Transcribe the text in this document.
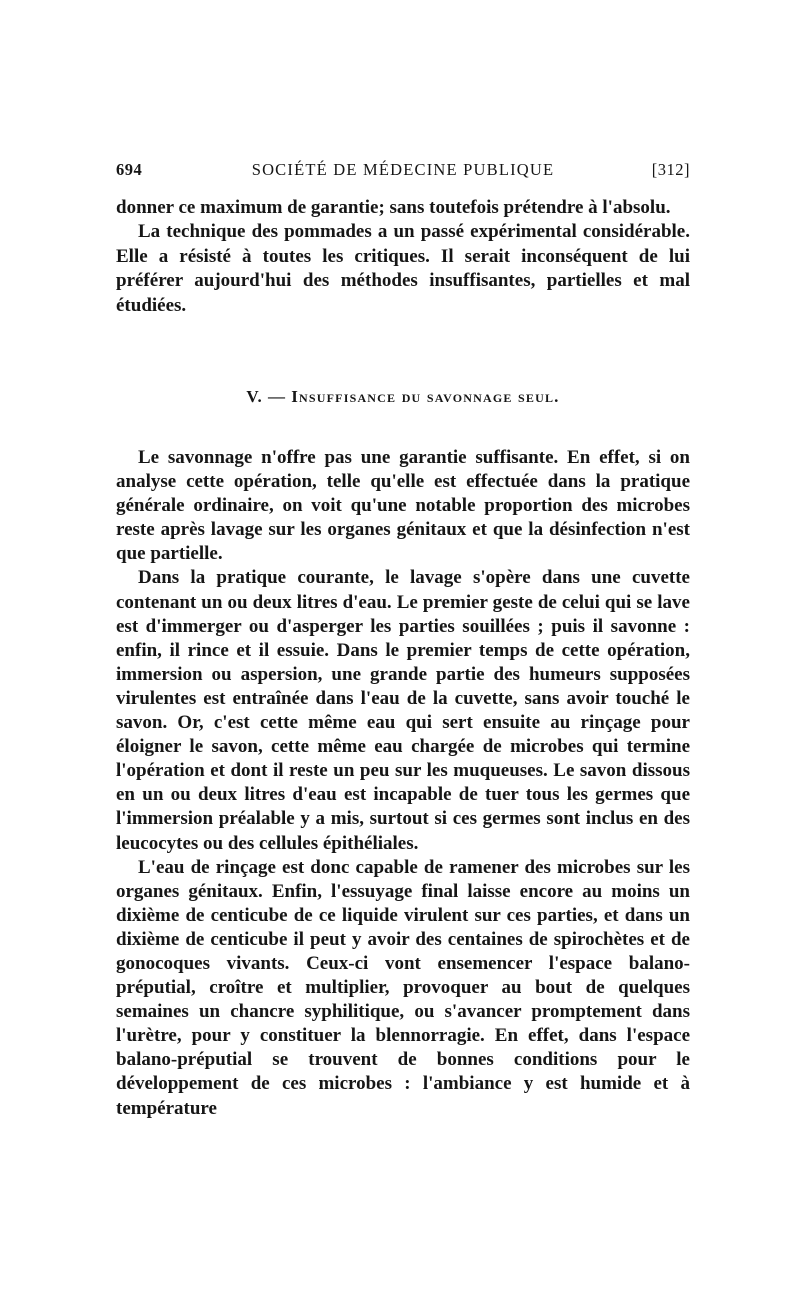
694	SOCIÉTÉ DE MÉDECINE PUBLIQUE	[312]

donner ce maximum de garantie; sans toutefois prétendre à l'absolu.

La technique des pommades a un passé expérimental considérable. Elle a résisté à toutes les critiques. Il serait inconséquent de lui préférer aujourd'hui des méthodes insuffisantes, partielles et mal étudiées.

V. — Insuffisance du savonnage seul.

Le savonnage n'offre pas une garantie suffisante. En effet, si on analyse cette opération, telle qu'elle est effectuée dans la pratique générale ordinaire, on voit qu'une notable proportion des microbes reste après lavage sur les organes génitaux et que la désinfection n'est que partielle.

Dans la pratique courante, le lavage s'opère dans une cuvette contenant un ou deux litres d'eau. Le premier geste de celui qui se lave est d'immerger ou d'asperger les parties souillées ; puis il savonne : enfin, il rince et il essuie. Dans le premier temps de cette opération, immersion ou aspersion, une grande partie des humeurs supposées virulentes est entraînée dans l'eau de la cuvette, sans avoir touché le savon. Or, c'est cette même eau qui sert ensuite au rinçage pour éloigner le savon, cette même eau chargée de microbes qui termine l'opération et dont il reste un peu sur les muqueuses. Le savon dissous en un ou deux litres d'eau est incapable de tuer tous les germes que l'immersion préalable y a mis, surtout si ces germes sont inclus en des leucocytes ou des cellules épithéliales.

L'eau de rinçage est donc capable de ramener des microbes sur les organes génitaux. Enfin, l'essuyage final laisse encore au moins un dixième de centicube de ce liquide virulent sur ces parties, et dans un dixième de centicube il peut y avoir des centaines de spirochètes et de gonocoques vivants. Ceux-ci vont ensemencer l'espace balano-préputial, croître et multiplier, provoquer au bout de quelques semaines un chancre syphilitique, ou s'avancer promptement dans l'urètre, pour y constituer la blennorragie. En effet, dans l'espace balano-préputial se trouvent de bonnes conditions pour le développement de ces microbes : l'ambiance y est humide et à température
